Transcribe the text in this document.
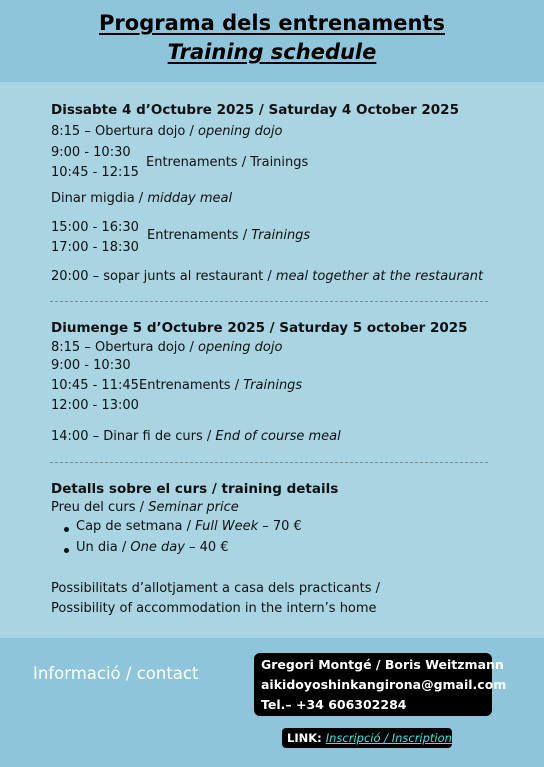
Programa dels entrenaments
Training schedule
Dissabte 4 d’Octubre 2025 / Saturday 4 October 2025
8:15 – Obertura dojo / opening dojo
9:00 - 10:30
10:45 - 12:15
Entrenaments / Trainings
Dinar migdia / midday meal
15:00 - 16:30
17:00 - 18:30
Entrenaments / Trainings
20:00 – sopar junts al restaurant / meal together at the restaurant
Diumenge 5 d’Octubre 2025 / Saturday 5 october 2025
8:15 – Obertura dojo / opening dojo
9:00 - 10:30
10:45 - 11:45 Entrenaments / Trainings
12:00 - 13:00
14:00 – Dinar fi de curs / End of course meal
Detalls sobre el curs / training details
Preu del curs / Seminar price
Cap de setmana / Full Week – 70 €
Un dia / One day – 40 €
Possibilitats d’allotjament a casa dels practicants /
Possibility of accommodation in the intern’s home
Informació / contact	Gregori Montgé / Boris Weitzmann
aikidoyoshinkangirona@gmail.com
Tel.– +34 606302284
LINK: Inscripció / Inscription
